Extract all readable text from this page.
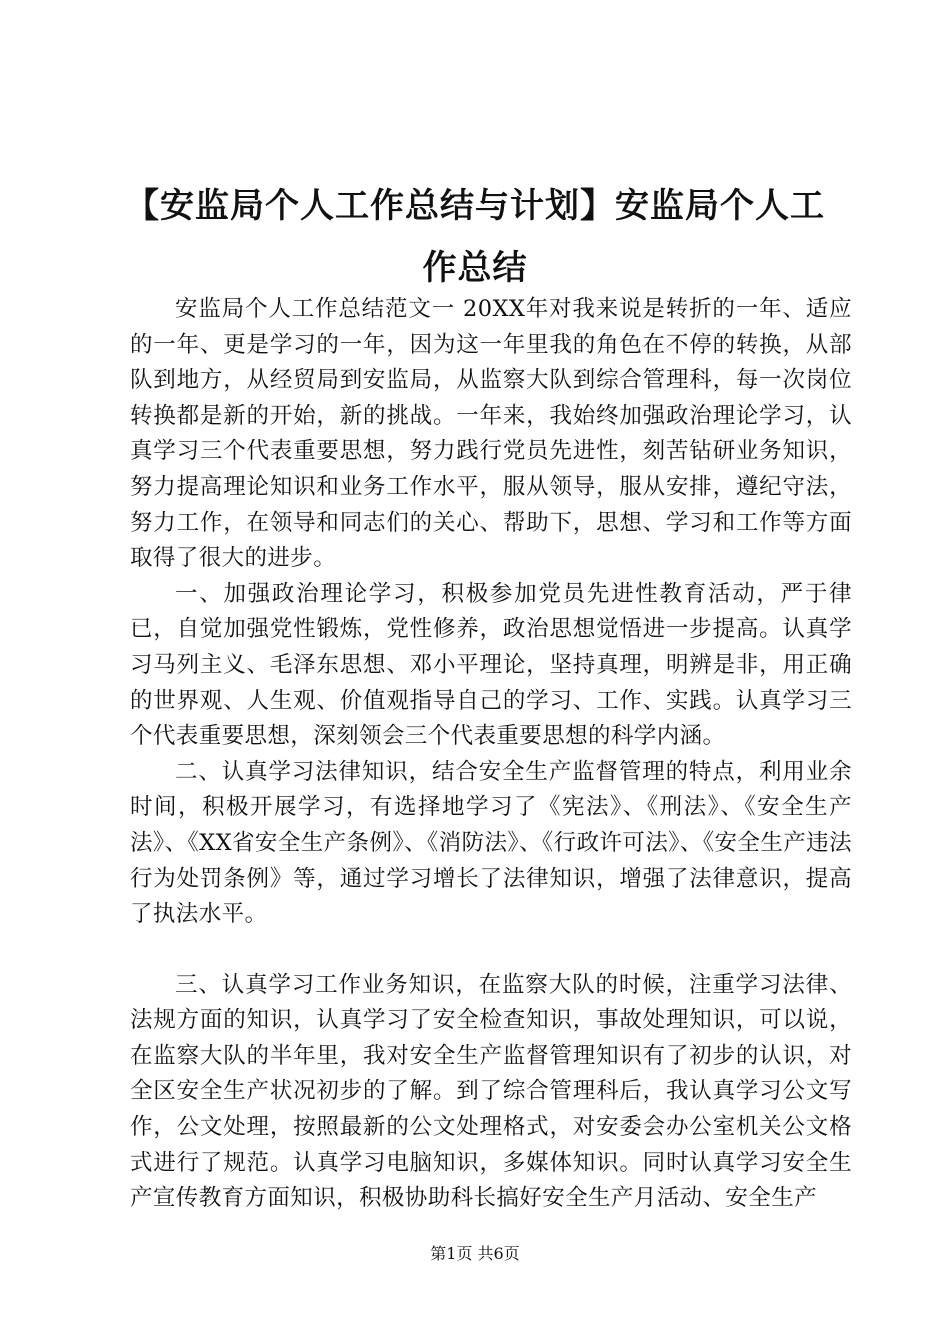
【安监局个人工作总结与计划】安监局个人工作总结

安监局个人工作总结范文一 20XX年对我来说是转折的一年、适应的一年、更是学习的一年，因为这一年里我的角色在不停的转换，从部队到地方，从经贸局到安监局，从监察大队到综合管理科，每一次岗位转换都是新的开始，新的挑战。一年来，我始终加强政治理论学习，认真学习三个代表重要思想，努力践行党员先进性，刻苦钻研业务知识，努力提高理论知识和业务工作水平，服从领导，服从安排，遵纪守法，努力工作，在领导和同志们的关心、帮助下，思想、学习和工作等方面取得了很大的进步。

一、加强政治理论学习，积极参加党员先进性教育活动，严于律已，自觉加强党性锻炼，党性修养，政治思想觉悟进一步提高。认真学习马列主义、毛泽东思想、邓小平理论，坚持真理，明辨是非，用正确的世界观、人生观、价值观指导自己的学习、工作、实践。认真学习三个代表重要思想，深刻领会三个代表重要思想的科学内涵。

二、认真学习法律知识，结合安全生产监督管理的特点，利用业余时间，积极开展学习，有选择地学习了《宪法》、《刑法》、《安全生产法》、《XX省安全生产条例》、《消防法》、《行政许可法》、《安全生产违法行为处罚条例》等，通过学习增长了法律知识，增强了法律意识，提高了执法水平。

三、认真学习工作业务知识，在监察大队的时候，注重学习法律、法规方面的知识，认真学习了安全检查知识，事故处理知识，可以说，在监察大队的半年里，我对安全生产监督管理知识有了初步的认识，对全区安全生产状况初步的了解。到了综合管理科后，我认真学习公文写作，公文处理，按照最新的公文处理格式，对安委会办公室机关公文格式进行了规范。认真学习电脑知识，多媒体知识。同时认真学习安全生产宣传教育方面知识，积极协助科长搞好安全生产月活动、安全生产

第1页 共6页
